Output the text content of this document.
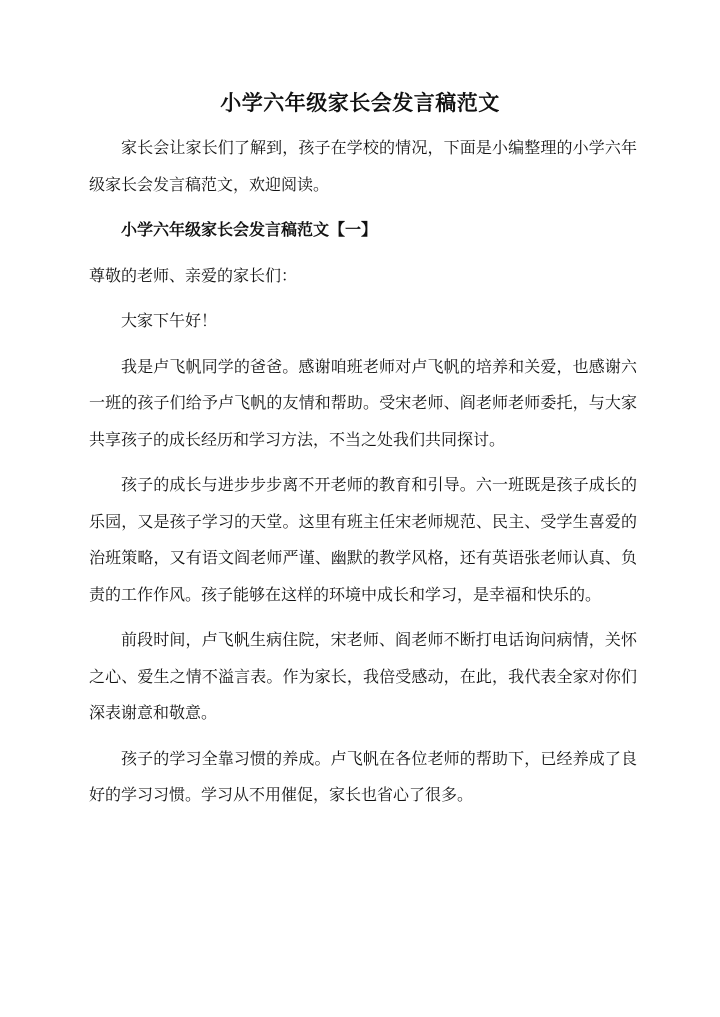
小学六年级家长会发言稿范文

家长会让家长们了解到，孩子在学校的情况，下面是小编整理的小学六年级家长会发言稿范文，欢迎阅读。

小学六年级家长会发言稿范文【一】

尊敬的老师、亲爱的家长们：

大家下午好！

我是卢飞帆同学的爸爸。感谢咱班老师对卢飞帆的培养和关爱，也感谢六一班的孩子们给予卢飞帆的友情和帮助。受宋老师、阎老师老师委托，与大家共享孩子的成长经历和学习方法，不当之处我们共同探讨。

孩子的成长与进步步步离不开老师的教育和引导。六一班既是孩子成长的乐园，又是孩子学习的天堂。这里有班主任宋老师规范、民主、受学生喜爱的治班策略，又有语文阎老师严谨、幽默的教学风格，还有英语张老师认真、负责的工作作风。孩子能够在这样的环境中成长和学习，是幸福和快乐的。

前段时间，卢飞帆生病住院，宋老师、阎老师不断打电话询问病情，关怀之心、爱生之情不溢言表。作为家长，我倍受感动，在此，我代表全家对你们深表谢意和敬意。

孩子的学习全靠习惯的养成。卢飞帆在各位老师的帮助下，已经养成了良好的学习习惯。学习从不用催促，家长也省心了很多。
